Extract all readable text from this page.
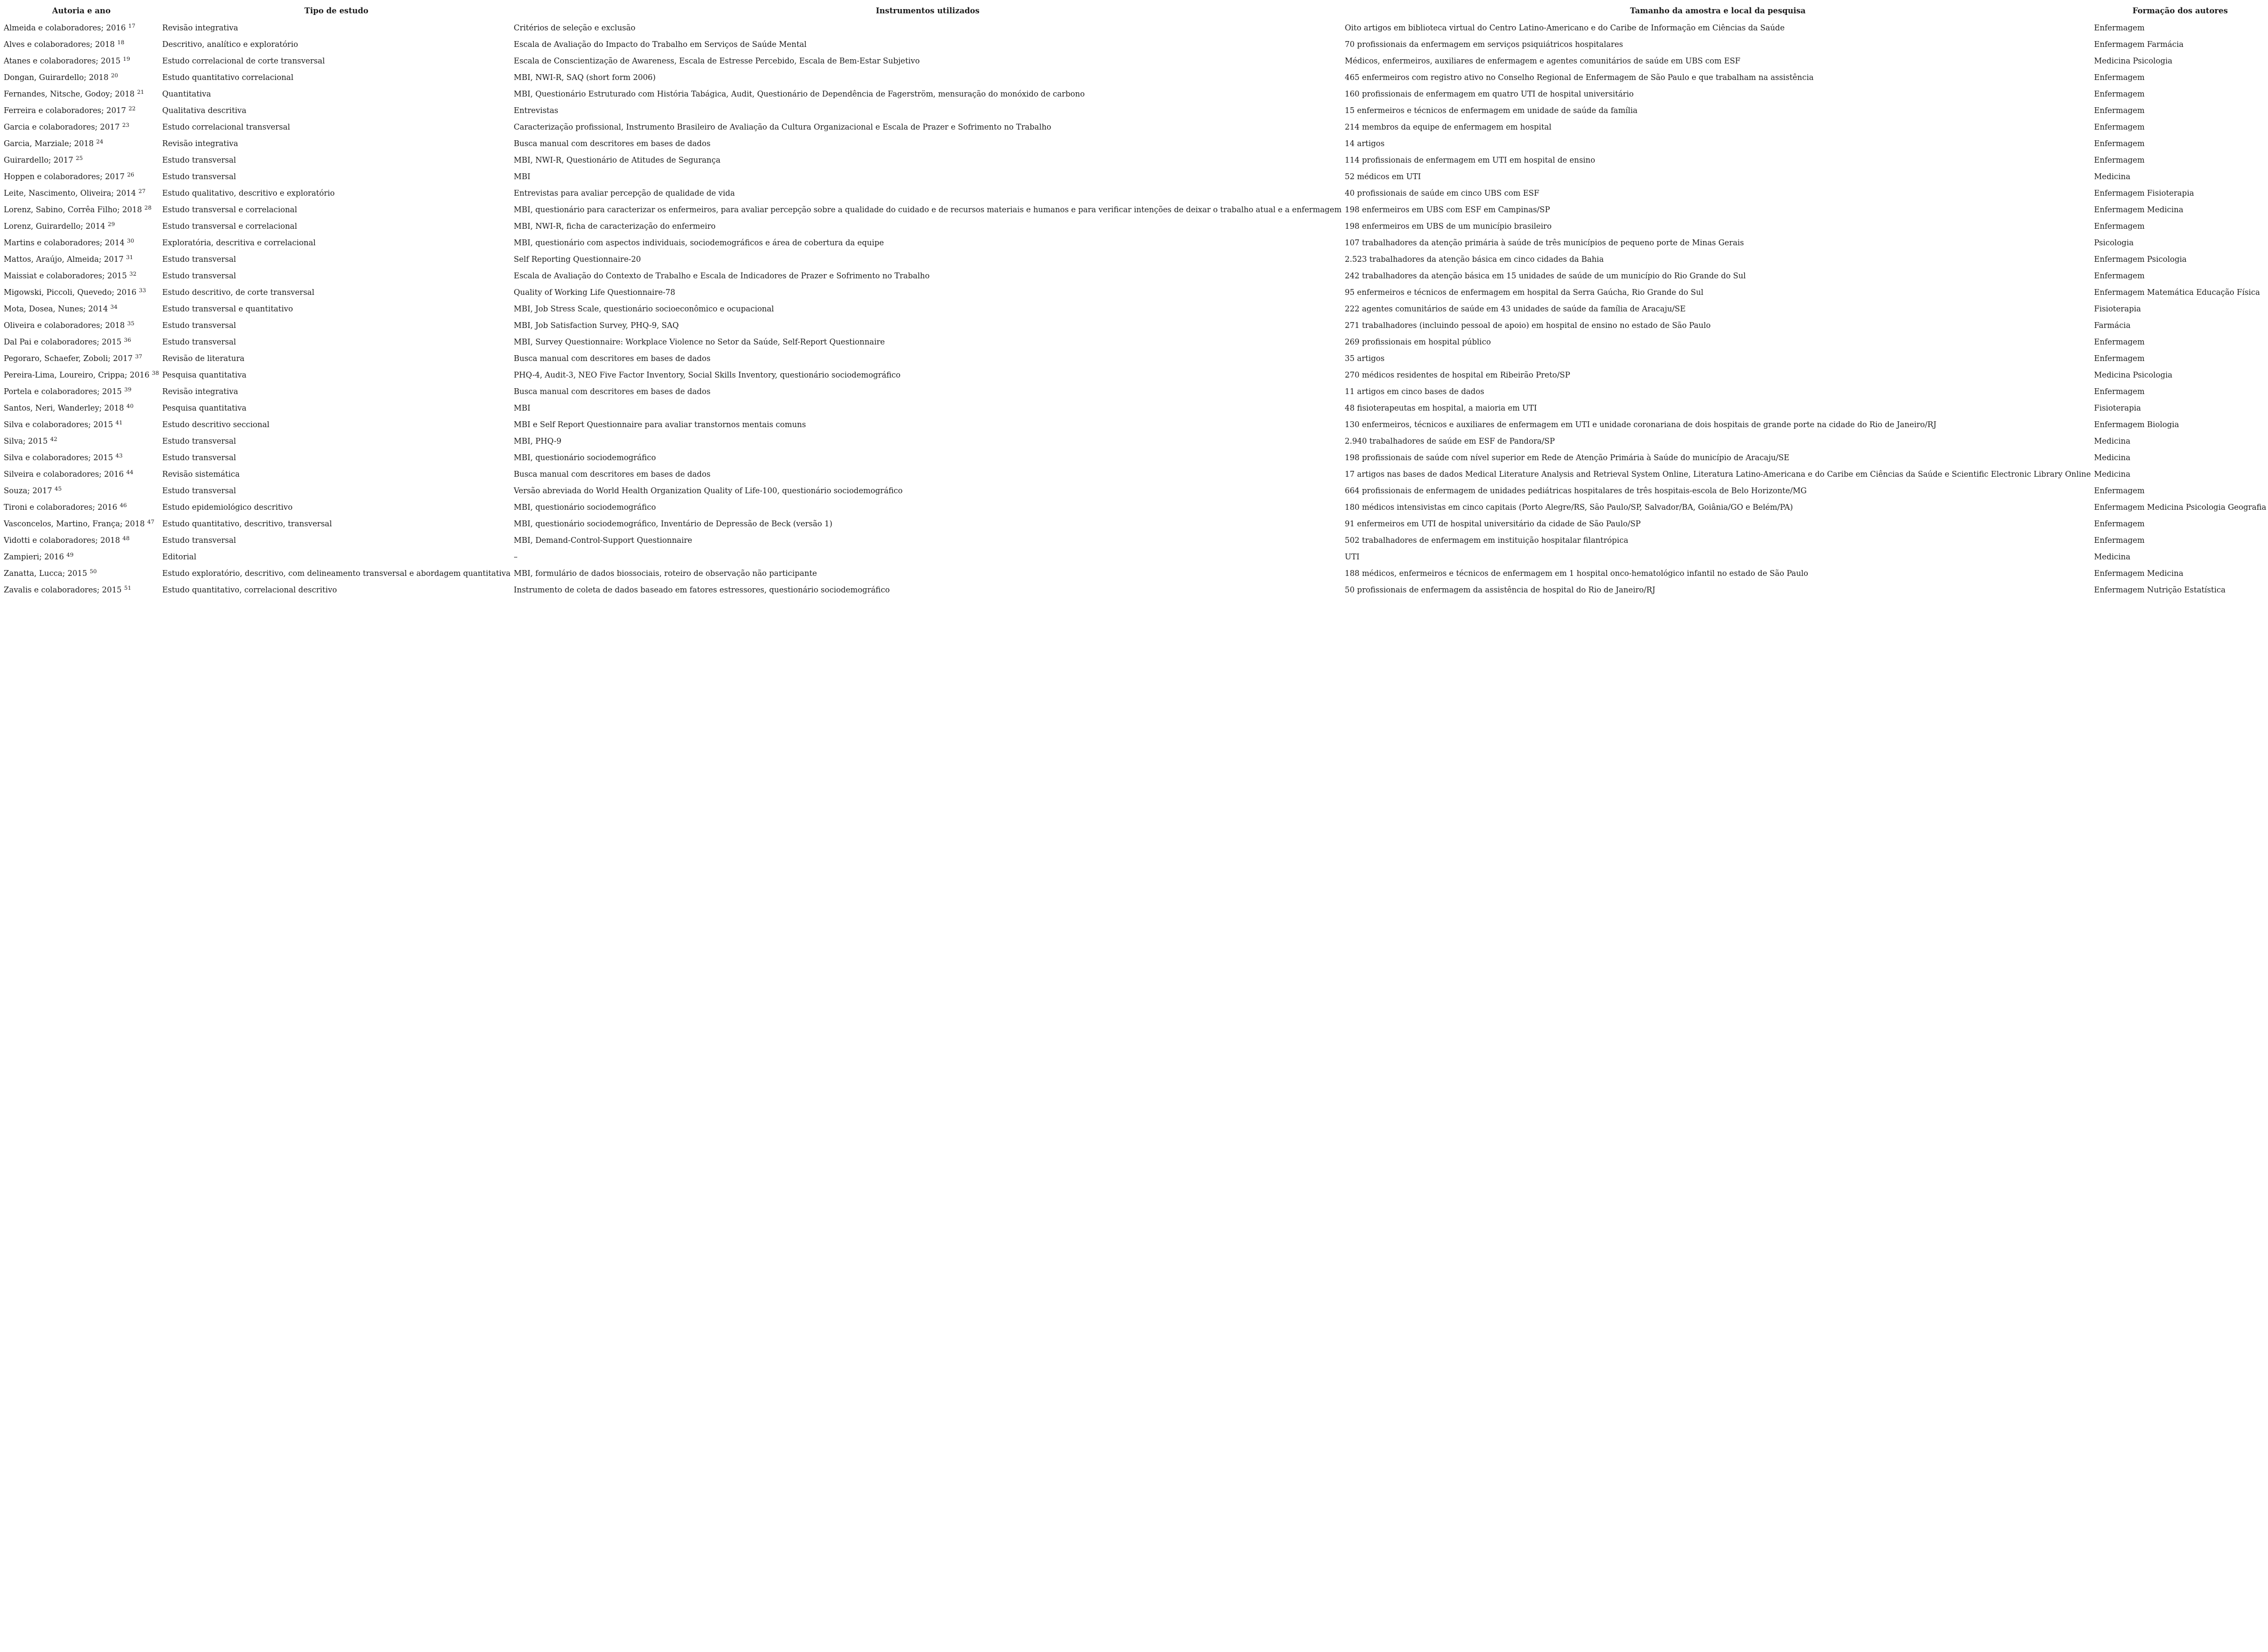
Autoria e ano	Tipo de estudo	Instrumentos utilizados	Tamanho da amostra e local da pesquisa	Formação dos autores
Almeida e colaboradores; 2016 $^{17}$	Revisão integrativa	Critérios de seleção e exclusão	Oito artigos em biblioteca virtual do Centro Latino-Americano e do Caribe de Informação em Ciências da Saúde	Enfermagem
Alves e colaboradores; 2018 $^{18}$	Descritivo, analítico e exploratório	Escala de Avaliação do Impacto do Trabalho em Serviços de Saúde Mental	70 profissionais da enfermagem em serviços psiquiátricos hospitalares	Enfermagem Farmácia
Atanes e colaboradores; 2015 $^{19}$	Estudo correlacional de corte transversal	Escala de Conscientização de Awareness, Escala de Estresse Percebido, Escala de Bem-Estar Subjetivo	Médicos, enfermeiros, auxiliares de enfermagem e agentes comunitários de saúde em UBS com ESF	Medicina Psicologia
Dongan, Guirardello; 2018 $^{20}$	Estudo quantitativo correlacional	MBI, NWI-R, SAQ (short form 2006)	465 enfermeiros com registro ativo no Conselho Regional de Enfermagem de São Paulo e que trabalham na assistência	Enfermagem
Fernandes, Nitsche, Godoy; 2018 $^{21}$	Quantitativa	MBI, Questionário Estruturado com História Tabágica, Audit, Questionário de Dependência de Fagerström, mensuração do monóxido de carbono	160 profissionais de enfermagem em quatro UTI de hospital universitário	Enfermagem
Ferreira e colaboradores; 2017 $^{22}$	Qualitativa descritiva	Entrevistas	15 enfermeiros e técnicos de enfermagem em unidade de saúde da família	Enfermagem
Garcia e colaboradores; 2017 $^{23}$	Estudo correlacional transversal	Caracterização profissional, Instrumento Brasileiro de Avaliação da Cultura Organizacional e Escala de Prazer e Sofrimento no Trabalho	214 membros da equipe de enfermagem em hospital	Enfermagem
Garcia, Marziale; 2018 $^{24}$	Revisão integrativa	Busca manual com descritores em bases de dados	14 artigos	Enfermagem
Guirardello; 2017 $^{25}$	Estudo transversal	MBI, NWI-R, Questionário de Atitudes de Segurança	114 profissionais de enfermagem em UTI em hospital de ensino	Enfermagem
Hoppen e colaboradores; 2017 $^{26}$	Estudo transversal	MBI	52 médicos em UTI	Medicina
Leite, Nascimento, Oliveira; 2014 $^{27}$	Estudo qualitativo, descritivo e exploratório	Entrevistas para avaliar percepção de qualidade de vida	40 profissionais de saúde em cinco UBS com ESF	Enfermagem Fisioterapia
Lorenz, Sabino, Corrêa Filho; 2018 $^{28}$	Estudo transversal e correlacional	MBI, questionário para caracterizar os enfermeiros, para avaliar percepção sobre a qualidade do cuidado e de recursos materiais e humanos e para verificar intenções de deixar o trabalho atual e a enfermagem	198 enfermeiros em UBS com ESF em Campinas/SP	Enfermagem Medicina
Lorenz, Guirardello; 2014 $^{29}$	Estudo transversal e correlacional	MBI, NWI-R, ficha de caracterização do enfermeiro	198 enfermeiros em UBS de um município brasileiro	Enfermagem
Martins e colaboradores; 2014 $^{30}$	Exploratória, descritiva e correlacional	MBI, questionário com aspectos individuais, sociodemográficos e área de cobertura da equipe	107 trabalhadores da atenção primária à saúde de três municípios de pequeno porte de Minas Gerais	Psicologia
Mattos, Araújo, Almeida; 2017 $^{31}$	Estudo transversal	Self Reporting Questionnaire-20	2.523 trabalhadores da atenção básica em cinco cidades da Bahia	Enfermagem Psicologia
Maissiat e colaboradores; 2015 $^{32}$	Estudo transversal	Escala de Avaliação do Contexto de Trabalho e Escala de Indicadores de Prazer e Sofrimento no Trabalho	242 trabalhadores da atenção básica em 15 unidades de saúde de um município do Rio Grande do Sul	Enfermagem
Migowski, Piccoli, Quevedo; 2016 $^{33}$	Estudo descritivo, de corte transversal	Quality of Working Life Questionnaire-78	95 enfermeiros e técnicos de enfermagem em hospital da Serra Gaúcha, Rio Grande do Sul	Enfermagem Matemática Educação Física
Mota, Dosea, Nunes; 2014 $^{34}$	Estudo transversal e quantitativo	MBI, Job Stress Scale, questionário socioeconômico e ocupacional	222 agentes comunitários de saúde em 43 unidades de saúde da família de Aracaju/SE	Fisioterapia
Oliveira e colaboradores; 2018 $^{35}$	Estudo transversal	MBI, Job Satisfaction Survey, PHQ-9, SAQ	271 trabalhadores (incluindo pessoal de apoio) em hospital de ensino no estado de São Paulo	Farmácia
Dal Pai e colaboradores; 2015 $^{36}$	Estudo transversal	MBI, Survey Questionnaire: Workplace Violence no Setor da Saúde, Self-Report Questionnaire	269 profissionais em hospital público	Enfermagem
Pegoraro, Schaefer, Zoboli; 2017 $^{37}$	Revisão de literatura	Busca manual com descritores em bases de dados	35 artigos	Enfermagem
Pereira-Lima, Loureiro, Crippa; 2016 $^{38}$	Pesquisa quantitativa	PHQ-4, Audit-3, NEO Five Factor Inventory, Social Skills Inventory, questionário sociodemográfico	270 médicos residentes de hospital em Ribeirão Preto/SP	Medicina Psicologia
Portela e colaboradores; 2015 $^{39}$	Revisão integrativa	Busca manual com descritores em bases de dados	11 artigos em cinco bases de dados	Enfermagem
Santos, Neri, Wanderley; 2018 $^{40}$	Pesquisa quantitativa	MBI	48 fisioterapeutas em hospital, a maioria em UTI	Fisioterapia
Silva e colaboradores; 2015 $^{41}$	Estudo descritivo seccional	MBI e Self Report Questionnaire para avaliar transtornos mentais comuns	130 enfermeiros, técnicos e auxiliares de enfermagem em UTI e unidade coronariana de dois hospitais de grande porte na cidade do Rio de Janeiro/RJ	Enfermagem Biologia
Silva; 2015 $^{42}$	Estudo transversal	MBI, PHQ-9	2.940 trabalhadores de saúde em ESF de Pandora/SP	Medicina
Silva e colaboradores; 2015 $^{43}$	Estudo transversal	MBI, questionário sociodemográfico	198 profissionais de saúde com nível superior em Rede de Atenção Primária à Saúde do município de Aracaju/SE	Medicina
Silveira e colaboradores; 2016 $^{44}$	Revisão sistemática	Busca manual com descritores em bases de dados	17 artigos nas bases de dados Medical Literature Analysis and Retrieval System Online, Literatura Latino-Americana e do Caribe em Ciências da Saúde e Scientific Electronic Library Online	Medicina
Souza; 2017 $^{45}$	Estudo transversal	Versão abreviada do World Health Organization Quality of Life-100, questionário sociodemográfico	664 profissionais de enfermagem de unidades pediátricas hospitalares de três hospitais-escola de Belo Horizonte/MG	Enfermagem
Tironi e colaboradores; 2016 $^{46}$	Estudo epidemiológico descritivo	MBI, questionário sociodemográfico	180 médicos intensivistas em cinco capitais (Porto Alegre/RS, São Paulo/SP, Salvador/BA, Goiânia/GO e Belém/PA)	Enfermagem Medicina Psicologia Geografia
Vasconcelos, Martino, França; 2018 $^{47}$	Estudo quantitativo, descritivo, transversal	MBI, questionário sociodemográfico, Inventário de Depressão de Beck (versão 1)	91 enfermeiros em UTI de hospital universitário da cidade de São Paulo/SP	Enfermagem
Vidotti e colaboradores; 2018 $^{48}$	Estudo transversal	MBI, Demand-Control-Support Questionnaire	502 trabalhadores de enfermagem em instituição hospitalar filantrópica	Enfermagem
Zampieri; 2016 $^{49}$	Editorial	–	UTI	Medicina
Zanatta, Lucca; 2015 $^{50}$	Estudo exploratório, descritivo, com delineamento transversal e abordagem quantitativa	MBI, formulário de dados biossociais, roteiro de observação não participante	188 médicos, enfermeiros e técnicos de enfermagem em 1 hospital onco-hematológico infantil no estado de São Paulo	Enfermagem Medicina
Zavalis e colaboradores; 2015 $^{51}$	Estudo quantitativo, correlacional descritivo	Instrumento de coleta de dados baseado em fatores estressores, questionário sociodemográfico	50 profissionais de enfermagem da assistência de hospital do Rio de Janeiro/RJ	Enfermagem Nutrição Estatística
